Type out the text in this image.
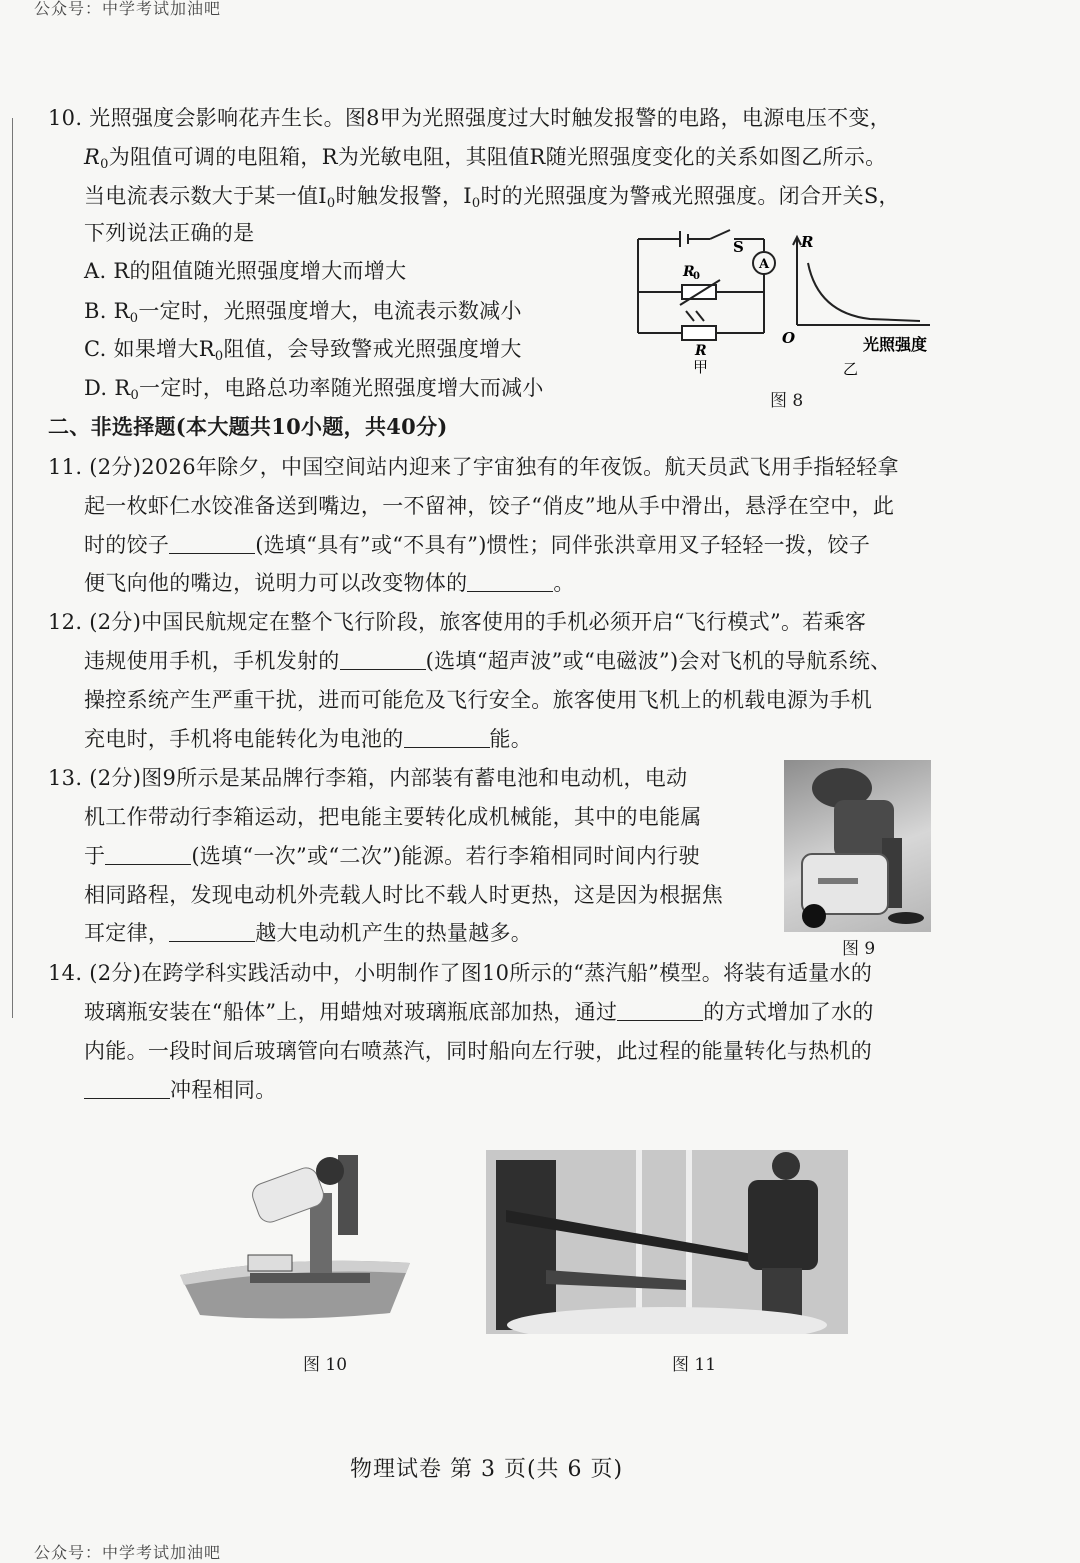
公众号：中学考试加油吧
10. 光照强度会影响花卉生长。图8甲为光照强度过大时触发报警的电路，电源电压不变，
$R_0$为阻值可调的电阻箱，R为光敏电阻，其阻值R随光照强度变化的关系如图乙所示。
当电流表示数大于某一值$I_0$时触发报警，$I_0$时的光照强度为警戒光照强度。闭合开关S，
下列说法正确的是
A. R的阻值随光照强度增大而增大
B. $R_0$一定时，光照强度增大，电流表示数减小
C. 如果增大$R_0$阻值，会导致警戒光照强度增大
D. $R_0$一定时，电路总功率随光照强度增大而减小
S
A
R
0
R
甲
R
O	光照强度
乙
图 8
二、非选择题(本大题共10小题，共40分)
11. (2分)2026年除夕，中国空间站内迎来了宇宙独有的年夜饭。航天员武飞用手指轻轻拿
起一枚虾仁水饺准备送到嘴边，一不留神，饺子“俏皮”地从手中滑出，悬浮在空中，此
时的饺子	(选填“具有”或“不具有”)惯性；同伴张洪章用叉子轻轻一拨，饺子
便飞向他的嘴边，说明力可以改变物体的	。
12. (2分)中国民航规定在整个飞行阶段，旅客使用的手机必须开启“飞行模式”。若乘客
违规使用手机，手机发射的	(选填“超声波”或“电磁波”)会对飞机的导航系统、
操控系统产生严重干扰，进而可能危及飞行安全。旅客使用飞机上的机载电源为手机
充电时，手机将电能转化为电池的	能。
13. (2分)图9所示是某品牌行李箱，内部装有蓄电池和电动机，电动
机工作带动行李箱运动，把电能主要转化成机械能，其中的电能属
于	(选填“一次”或“二次”)能源。若行李箱相同时间内行驶
相同路程，发现电动机外壳载人时比不载人时更热，这是因为根据焦
耳定律，	越大电动机产生的热量越多。
图 9
14. (2分)在跨学科实践活动中，小明制作了图10所示的“蒸汽船”模型。将装有适量水的
玻璃瓶安装在“船体”上，用蜡烛对玻璃瓶底部加热，通过	的方式增加了水的
内能。一段时间后玻璃管向右喷蒸汽，同时船向左行驶，此过程的能量转化与热机的
冲程相同。
图 10	图 11
物理试卷 第 3 页(共 6 页)
公众号：中学考试加油吧
